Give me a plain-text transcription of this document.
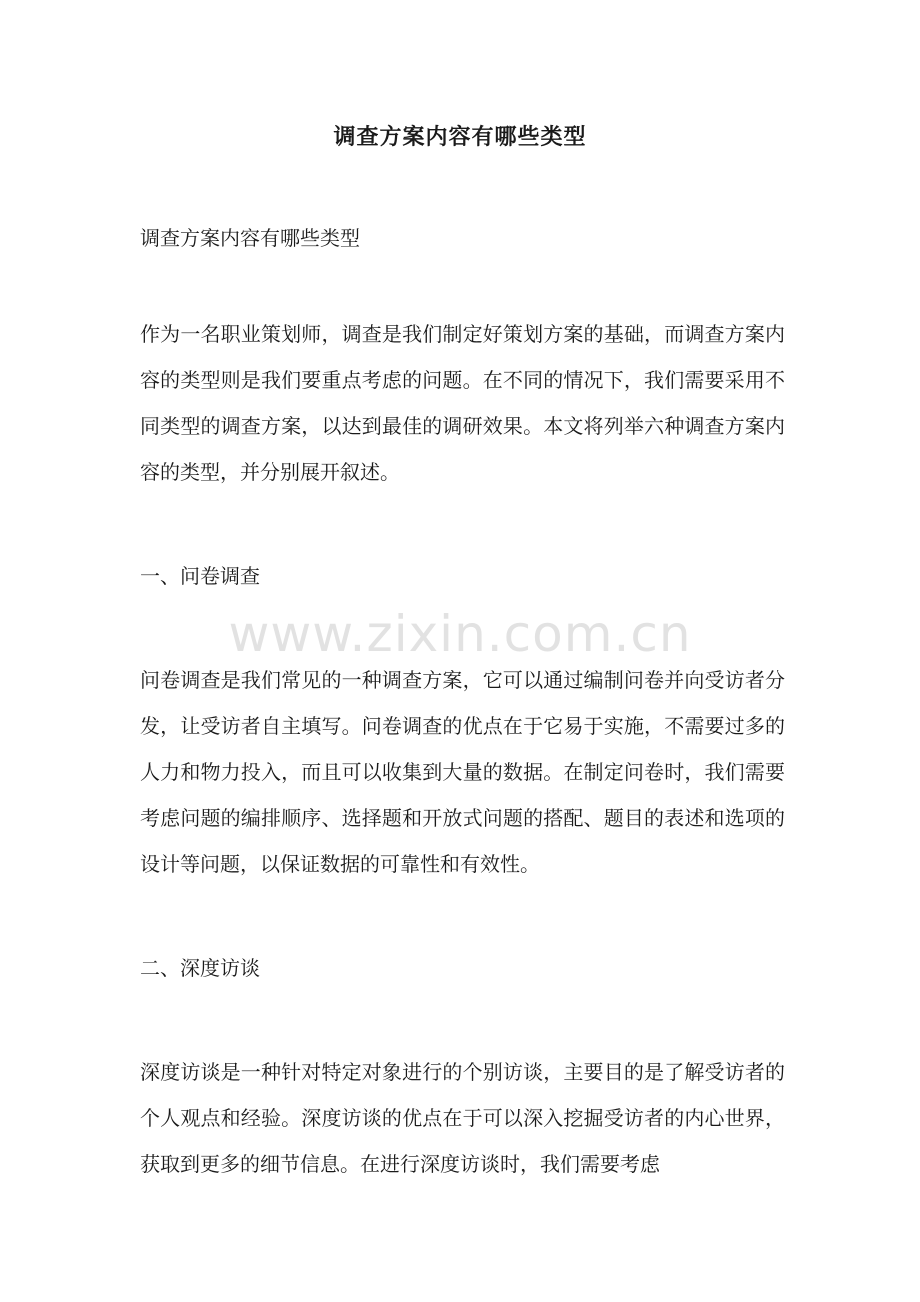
调查方案内容有哪些类型
www.zixin.com.cn

调查方案内容有哪些类型

作为一名职业策划师，调查是我们制定好策划方案的基础，而调查方案内容的类型则是我们要重点考虑的问题。在不同的情况下，我们需要采用不同类型的调查方案，以达到最佳的调研效果。本文将列举六种调查方案内容的类型，并分别展开叙述。

一、问卷调查

问卷调查是我们常见的一种调查方案，它可以通过编制问卷并向受访者分发，让受访者自主填写。问卷调查的优点在于它易于实施，不需要过多的人力和物力投入，而且可以收集到大量的数据。在制定问卷时，我们需要考虑问题的编排顺序、选择题和开放式问题的搭配、题目的表述和选项的设计等问题，以保证数据的可靠性和有效性。

二、深度访谈

深度访谈是一种针对特定对象进行的个别访谈，主要目的是了解受访者的个人观点和经验。深度访谈的优点在于可以深入挖掘受访者的内心世界，获取到更多的细节信息。在进行深度访谈时，我们需要考虑
